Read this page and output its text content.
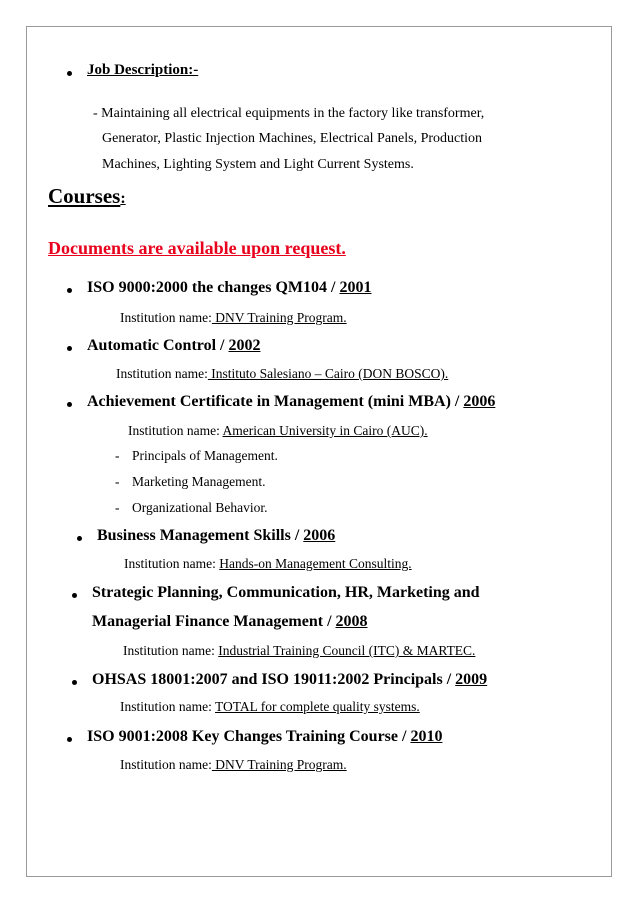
Job Description:-
- Maintaining all electrical equipments in the factory like transformer,
Generator, Plastic Injection Machines, Electrical Panels, Production
Machines, Lighting System and Light Current Systems.
Courses:
Documents are available upon request.
ISO 9000:2000 the changes QM104 / 2001
Institution name: DNV Training Program.
Automatic Control / 2002
Institution name: Instituto Salesiano – Cairo (DON BOSCO).
Achievement Certificate in Management (mini MBA) / 2006
Institution name: American University in Cairo (AUC).
- Principals of Management.
- Marketing Management.
- Organizational Behavior.
Business Management Skills / 2006
Institution name: Hands-on Management Consulting.
Strategic Planning, Communication, HR, Marketing and
Managerial Finance Management / 2008
Institution name: Industrial Training Council (ITC) & MARTEC.
OHSAS 18001:2007 and ISO 19011:2002 Principals / 2009
Institution name: TOTAL for complete quality systems.
ISO 9001:2008 Key Changes Training Course / 2010
Institution name: DNV Training Program.
